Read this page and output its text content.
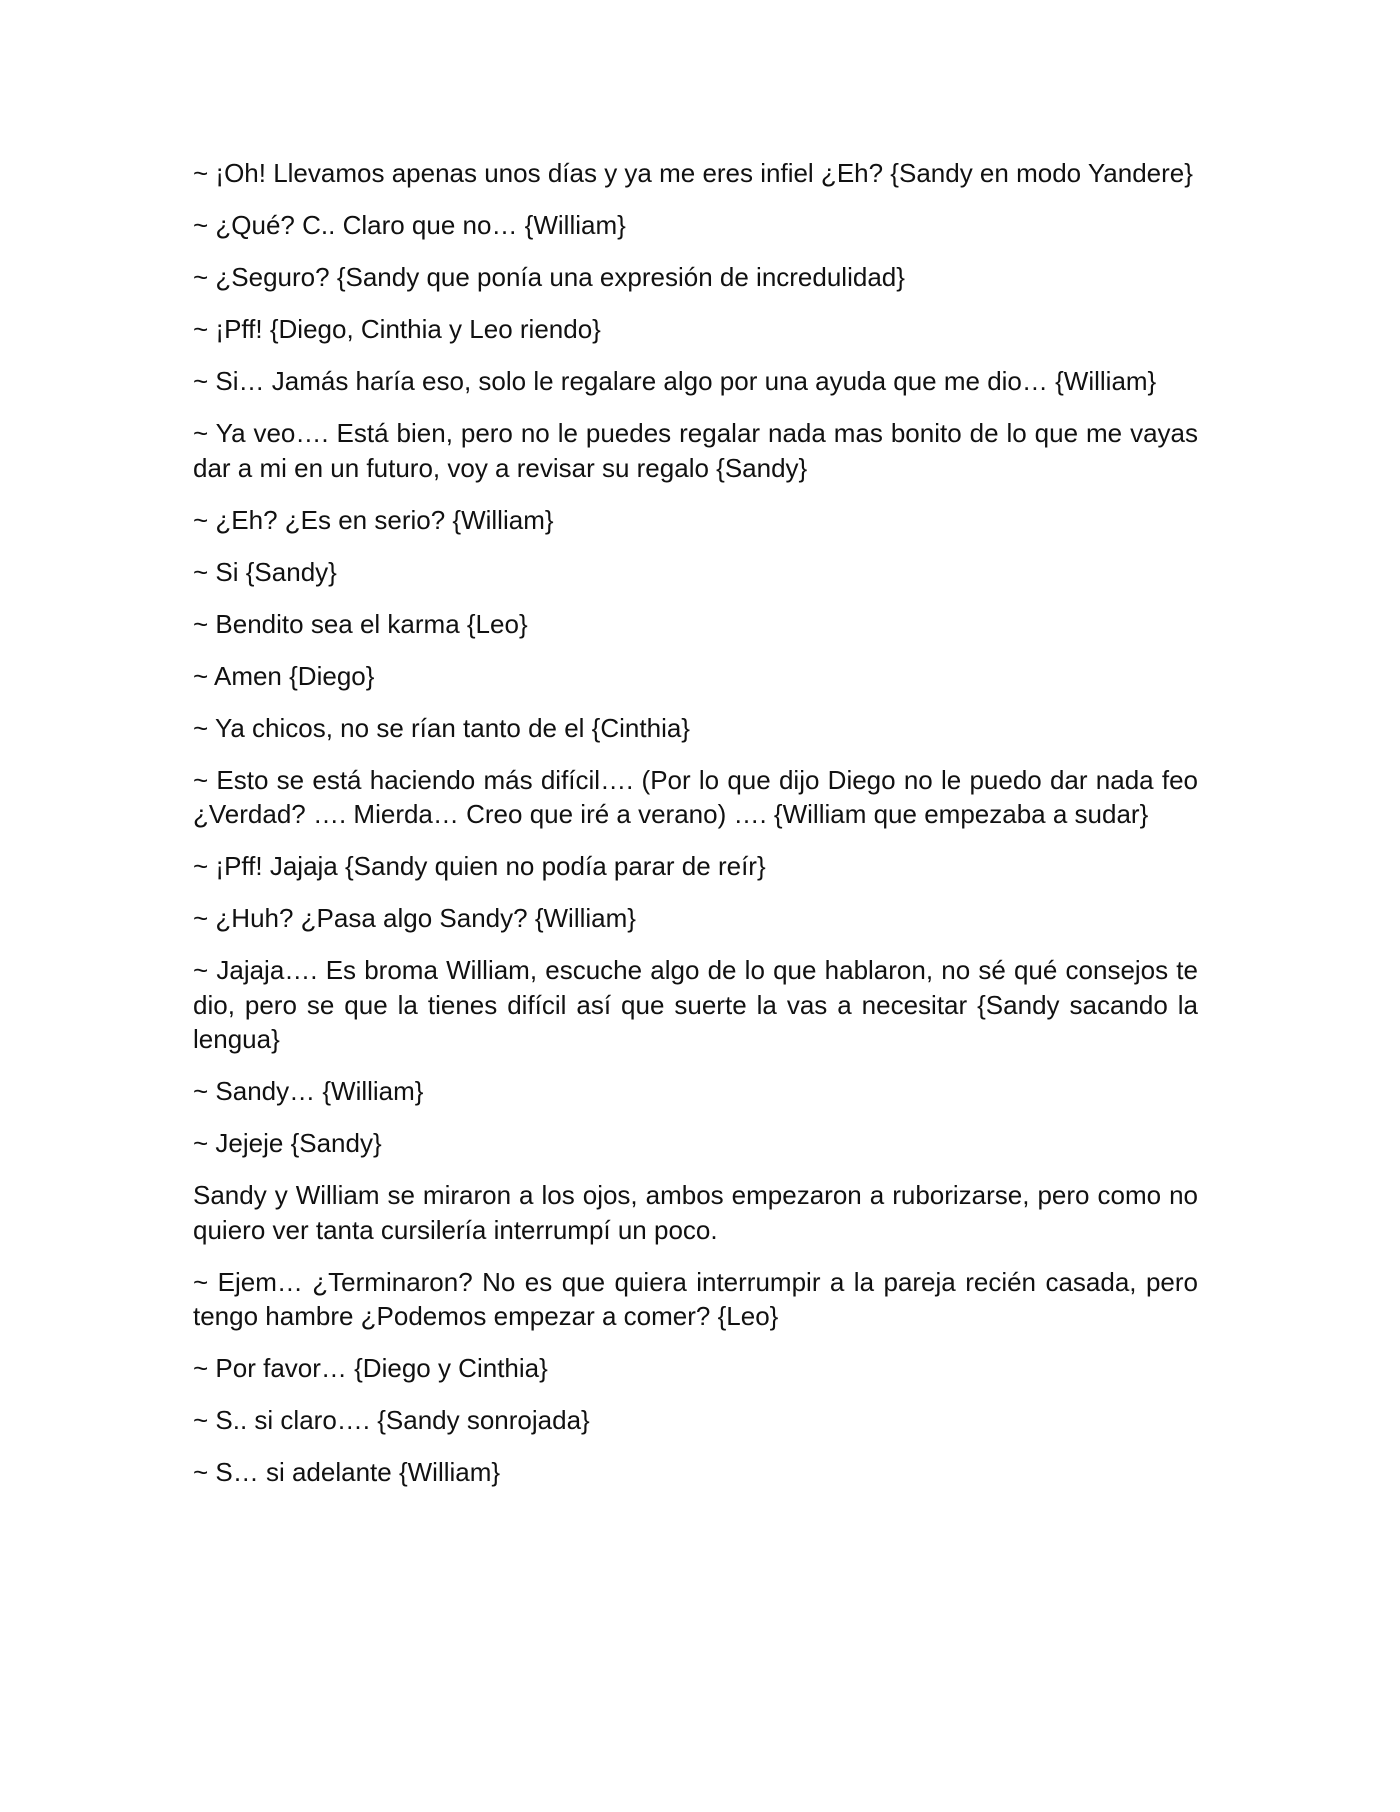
~ ¡Oh! Llevamos apenas unos días y ya me eres infiel ¿Eh? {Sandy en modo Yandere}

~ ¿Qué? C.. Claro que no… {William}

~ ¿Seguro? {Sandy que ponía una expresión de incredulidad}

~ ¡Pff! {Diego, Cinthia y Leo riendo}

~ Si… Jamás haría eso, solo le regalare algo por una ayuda que me dio… {William}

~ Ya veo…. Está bien, pero no le puedes regalar nada mas bonito de lo que me vayas dar a mi en un futuro, voy a revisar su regalo {Sandy}

~ ¿Eh? ¿Es en serio? {William}

~ Si {Sandy}

~ Bendito sea el karma {Leo}

~ Amen {Diego}

~ Ya chicos, no se rían tanto de el {Cinthia}

~ Esto se está haciendo más difícil…. (Por lo que dijo Diego no le puedo dar nada feo ¿Verdad? …. Mierda… Creo que iré a verano) …. {William que empezaba a sudar}

~ ¡Pff! Jajaja {Sandy quien no podía parar de reír}

~ ¿Huh? ¿Pasa algo Sandy? {William}

~ Jajaja…. Es broma William, escuche algo de lo que hablaron, no sé qué consejos te dio, pero se que la tienes difícil así que suerte la vas a necesitar {Sandy sacando la lengua}

~ Sandy… {William}

~ Jejeje {Sandy}

Sandy y William se miraron a los ojos, ambos empezaron a ruborizarse, pero como no quiero ver tanta cursilería interrumpí un poco.

~ Ejem… ¿Terminaron? No es que quiera interrumpir a la pareja recién casada, pero tengo hambre ¿Podemos empezar a comer? {Leo}

~ Por favor… {Diego y Cinthia}

~ S.. si claro…. {Sandy sonrojada}

~ S… si adelante {William}
